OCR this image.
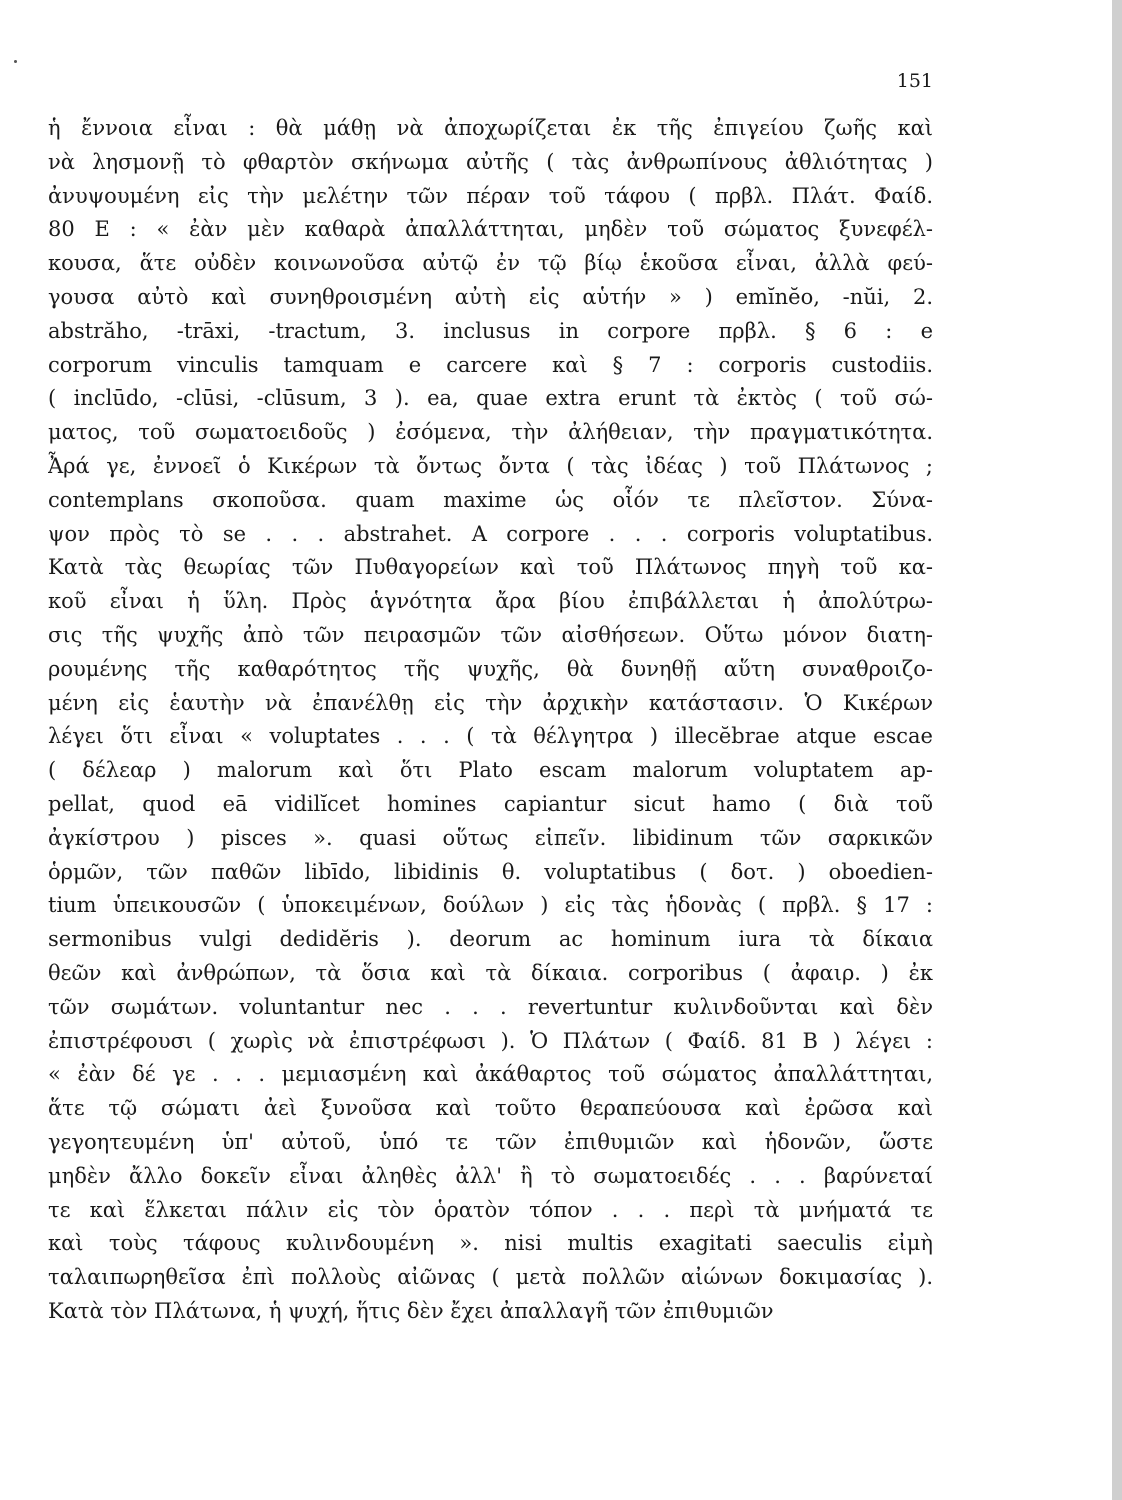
151
ἡ ἔννοια εἶναι : θὰ μάθῃ νὰ ἀποχωρίζεται ἐκ τῆς ἐπιγείου ζωῆς καὶ
νὰ λησμονῇ τὸ φθαρτὸν σκήνωμα αὐτῆς ( τὰς ἀνθρωπίνους ἀθλιότητας )
ἀνυψουμένη εἰς τὴν μελέτην τῶν πέραν τοῦ τάφου ( πρβλ. Πλάτ. Φαίδ.
80 Ε : « ἐὰν μὲν καθαρὰ ἀπαλλάττηται, μηδὲν τοῦ σώματος ξυνεφέλ-
κουσα, ἅτε οὐδὲν κοινωνοῦσα αὐτῷ ἐν τῷ βίῳ ἑκοῦσα εἶναι, ἀλλὰ φεύ-
γουσα αὐτὸ καὶ συνηθροισμένη αὐτὴ εἰς αὑτήν » ) emĭnĕo, -nŭi, 2.
abstrăho, -trāxi, -tractum, 3. inclusus in corpore πρβλ. § 6 : e
corporum vinculis tamquam e carcere καὶ § 7 : corporis custodiis.
( inclūdo, -clūsi, -clūsum, 3 ). ea, quae extra erunt τὰ ἐκτὸς ( τοῦ σώ-
ματος, τοῦ σωματοειδοῦς ) ἐσόμενα, τὴν ἀλήθειαν, τὴν πραγματικότητα.
Ἆρά γε, ἐννοεῖ ὁ Κικέρων τὰ ὄντως ὄντα ( τὰς ἰδέας ) τοῦ Πλάτωνος ;
contemplans σκοποῦσα. quam maxime ὡς οἷόν τε πλεῖστον. Σύνα-
ψον πρὸς τὸ se . . . abstrahet. A corpore . . . corporis voluptatibus.
Κατὰ τὰς θεωρίας τῶν Πυθαγορείων καὶ τοῦ Πλάτωνος πηγὴ τοῦ κα-
κοῦ εἶναι ἡ ὕλη. Πρὸς ἁγνότητα ἄρα βίου ἐπιβάλλεται ἡ ἀπολύτρω-
σις τῆς ψυχῆς ἀπὸ τῶν πειρασμῶν τῶν αἰσθήσεων. Οὕτω μόνον διατη-
ρουμένης τῆς καθαρότητος τῆς ψυχῆς, θὰ δυνηθῇ αὕτη συναθροιζο-
μένη εἰς ἑαυτὴν νὰ ἐπανέλθῃ εἰς τὴν ἀρχικὴν κατάστασιν. Ὁ Κικέρων
λέγει ὅτι εἶναι « voluptates . . . ( τὰ θέλγητρα ) illecĕbrae atque escae
( δέλεαρ ) malorum καὶ ὅτι Plato escam malorum voluptatem ap-
pellat, quod eā vidilĭcet homines capiantur sicut hamo ( διὰ τοῦ
ἀγκίστρου ) pisces ». quasi οὕτως εἰπεῖν. libidinum τῶν σαρκικῶν
ὁρμῶν, τῶν παθῶν libīdo, libidinis θ. voluptatibus ( δοτ. ) oboedien-
tium ὑπεικουσῶν ( ὑποκειμένων, δούλων ) εἰς τὰς ἡδονὰς ( πρβλ. § 17 :
sermonibus vulgi dedidĕris ). deorum ac hominum iura τὰ δίκαια
θεῶν καὶ ἀνθρώπων, τὰ ὅσια καὶ τὰ δίκαια. corporibus ( ἀφαιρ. ) ἐκ
τῶν σωμάτων. voluntantur nec . . . revertuntur κυλινδοῦνται καὶ δὲν
ἐπιστρέφουσι ( χωρὶς νὰ ἐπιστρέφωσι ). Ὁ Πλάτων ( Φαίδ. 81 Β ) λέγει :
« ἐὰν δέ γε . . . μεμιασμένη καὶ ἀκάθαρτος τοῦ σώματος ἀπαλλάττηται,
ἅτε τῷ σώματι ἀεὶ ξυνοῦσα καὶ τοῦτο θεραπεύουσα καὶ ἐρῶσα καὶ
γεγοητευμένη ὑπ' αὐτοῦ, ὑπό τε τῶν ἐπιθυμιῶν καὶ ἡδονῶν, ὥστε
μηδὲν ἄλλο δοκεῖν εἶναι ἀληθὲς ἀλλ' ἢ τὸ σωματοειδές . . . βαρύνεταί
τε καὶ ἕλκεται πάλιν εἰς τὸν ὁρατὸν τόπον . . . περὶ τὰ μνήματά τε
καὶ τοὺς τάφους κυλινδουμένη ». nisi multis exagitati saeculis εἰμὴ
ταλαιπωρηθεῖσα ἐπὶ πολλοὺς αἰῶνας ( μετὰ πολλῶν αἰώνων δοκιμασίας ).
Κατὰ τὸν Πλάτωνα, ἡ ψυχή, ἥτις δὲν ἔχει ἀπαλλαγῆ τῶν ἐπιθυμιῶν
